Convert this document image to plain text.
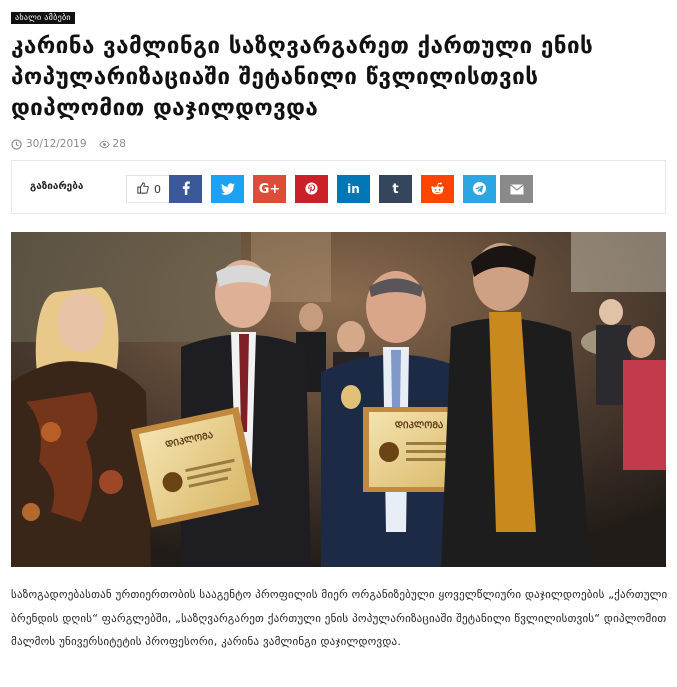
ახალი ამბები
კარინა ვამლინგი საზღვარგარეთ ქართული ენის პოპულარიზაციაში შეტანილი წვლილისთვის დიპლომით დაჯილდოვდა
30/12/2019 28
გაზიარება	0	G+	in	t
ᲓᲘᲞᲚᲝᲛᲐ
ᲓᲘᲞᲚᲝᲛᲐ

საზოგადოებასთან ურთიერთობის სააგენტო პროფილის მიერ ორგანიზებული ყოველწლიური დაჯილდოების „ქართული ბრენდის დღის“ ფარგლებში, „საზღვარგარეთ ქართული ენის პოპულარიზაციაში შეტანილი წვლილისთვის“ დიპლომით მალმოს უნივერსიტეტის პროფესორი, კარინა ვამლინგი დაჯილდოვდა.
